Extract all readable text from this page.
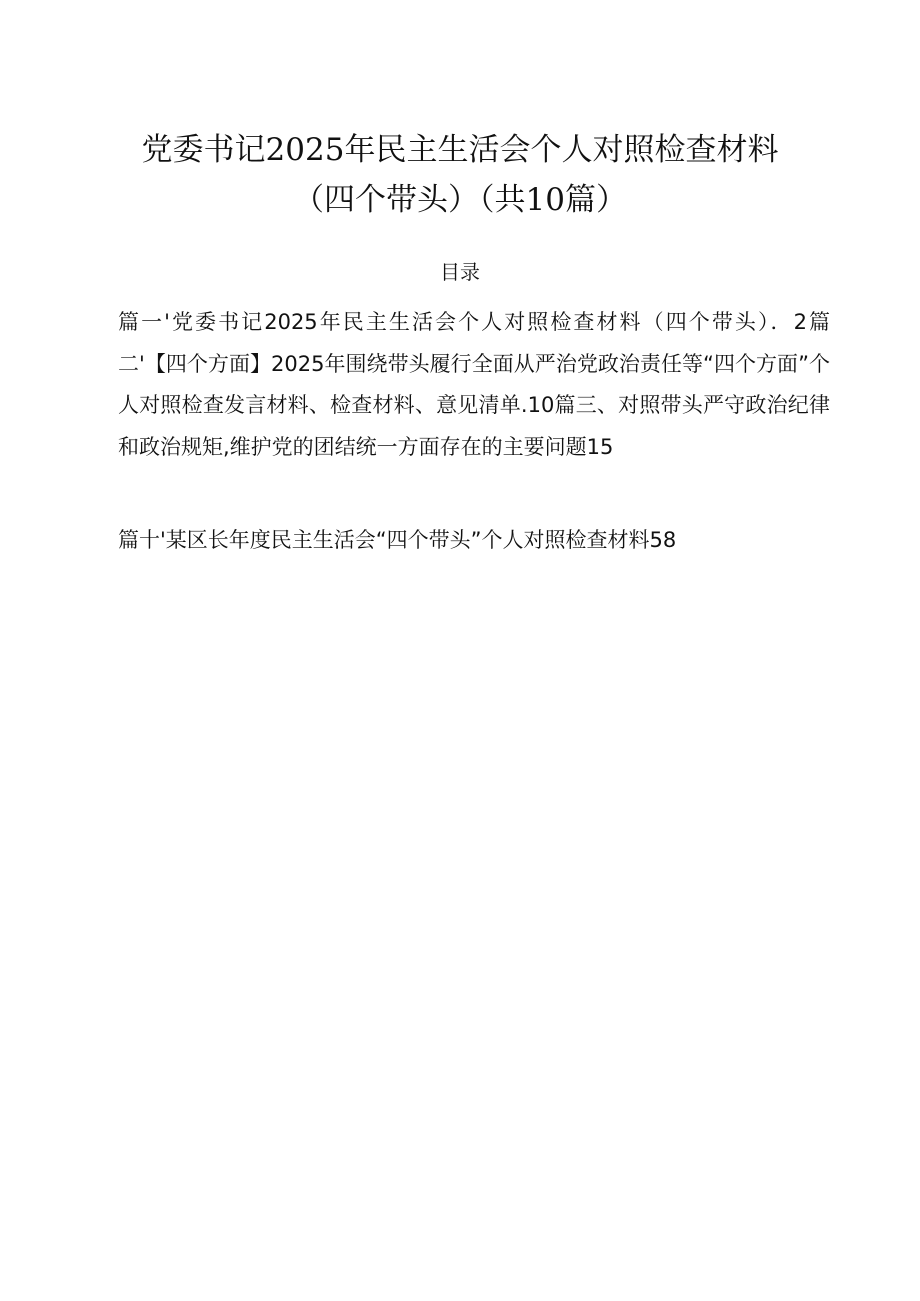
党委书记2025年民主生活会个人对照检查材料
（四个带头）（共10篇）
目录
篇一'党委书记2025年民主生活会个人对照检查材料（四个带头）．2篇二'【四个方面】2025年围绕带头履行全面从严治党政治责任等“四个方面”个人对照检查发言材料、检查材料、意见清单.10篇三、对照带头严守政治纪律和政治规矩,维护党的团结统一方面存在的主要问题15
篇十'某区长年度民主生活会“四个带头”个人对照检查材料58
